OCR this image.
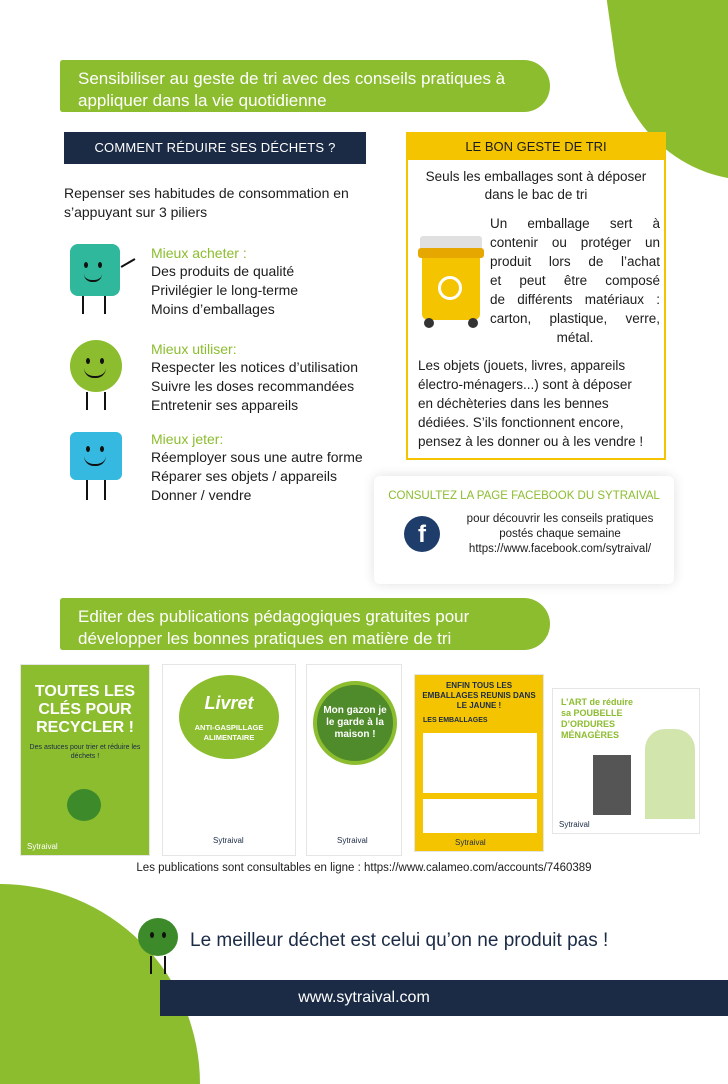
Sensibiliser au geste de tri avec des conseils pratiques à
appliquer dans la vie quotidienne
COMMENT RÉDUIRE SES DÉCHETS ?
Repenser ses habitudes de consommation en
s’appuyant sur 3 piliers
Mieux acheter :
Des produits de qualité
Privilégier le long-terme
Moins d’emballages
Mieux utiliser:
Respecter les notices d’utilisation
Suivre les doses recommandées
Entretenir ses appareils
Mieux jeter:
Réemployer sous une autre forme
Réparer ses objets / appareils
Donner / vendre
LE BON GESTE DE TRI
Seuls les emballages sont à déposer
dans le bac de tri
Un emballage sert à
contenir ou protéger un
produit lors de l’achat
et peut être composé
de différents matériaux :
carton, plastique, verre,
métal.
Les objets (jouets, livres, appareils
électro-ménagers...) sont à déposer
en déchèteries dans les bennes
dédiées. S’ils fonctionnent encore,
pensez à les donner ou à les vendre !
CONSULTEZ LA PAGE FACEBOOK DU SYTRAIVAL
f
pour découvrir les conseils pratiques
postés chaque semaine
https://www.facebook.com/sytraival/
Editer des publications pédagogiques gratuites pour
développer les bonnes pratiques en matière de tri
TOUTES LES CLÉS POUR RECYCLER !
Des astuces pour trier et réduire les déchets !
Sytraival
Livret
ANTI-GASPILLAGE ALIMENTAIRE
Sytraival
Mon gazon je le garde à la maison !
Sytraival
ENFIN TOUS LES EMBALLAGES REUNIS DANS LE JAUNE !
LES EMBALLAGES
Sytraival
L’ART de réduire sa POUBELLE D’ORDURES MÉNAGÈRES
Sytraival
Les publications sont consultables en ligne : https://www.calameo.com/accounts/7460389
Le meilleur déchet est celui qu’on ne produit pas !
www.sytraival.com
